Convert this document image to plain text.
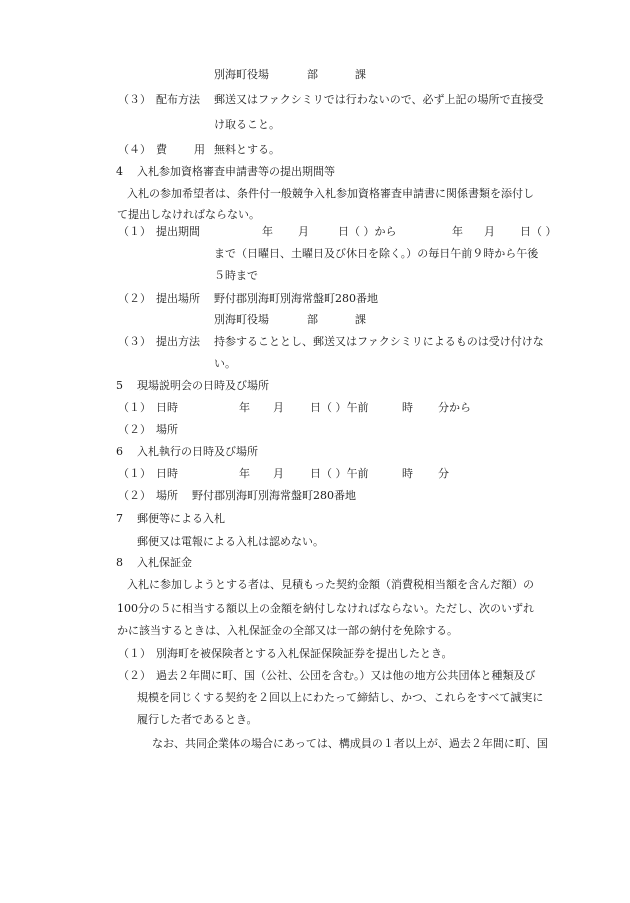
別海町役場	部	課
（３） 配布方法 郵送又はファクシミリでは行わないので、必ず上記の場所で直接受
け取ること。
（４） 費 用 無料とする。
4 入札参加資格審査申請書等の提出期間等
入札の参加希望者は、条件付一般競争入札参加資格審査申請書に関係書類を添付し
て提出しなければならない。
（１） 提出期間	年 月	日（ ）から	年 月 日（ ）
まで（日曜日、土曜日及び休日を除く。）の毎日午前９時から午後
５時まで
（２） 提出場所 野付郡別海町別海常盤町280番地
別海町役場	部	課
（３） 提出方法 持参することとし、郵送又はファクシミリによるものは受け付けな
い。
5 現場説明会の日時及び場所
（１） 日時	年 月 日（ ）午前	時 分から
（２） 場所
6 入札執行の日時及び場所
（１） 日時	年 月 日（ ）午前	時 分
（２） 場所 野付郡別海町別海常盤町280番地
7 郵便等による入札
郵便又は電報による入札は認めない。
8 入札保証金
入札に参加しようとする者は、見積もった契約金額（消費税相当額を含んだ額）の
100分の５に相当する額以上の金額を納付しなければならない。ただし、次のいずれ
かに該当するときは、入札保証金の全部又は一部の納付を免除する。
（１） 別海町を被保険者とする入札保証保険証券を提出したとき。
（２） 過去２年間に町、国（公社、公団を含む。）又は他の地方公共団体と種類及び
規模を同じくする契約を２回以上にわたって締結し、かつ、これらをすべて誠実に
履行した者であるとき。
なお、共同企業体の場合にあっては、構成員の１者以上が、過去２年間に町、国
